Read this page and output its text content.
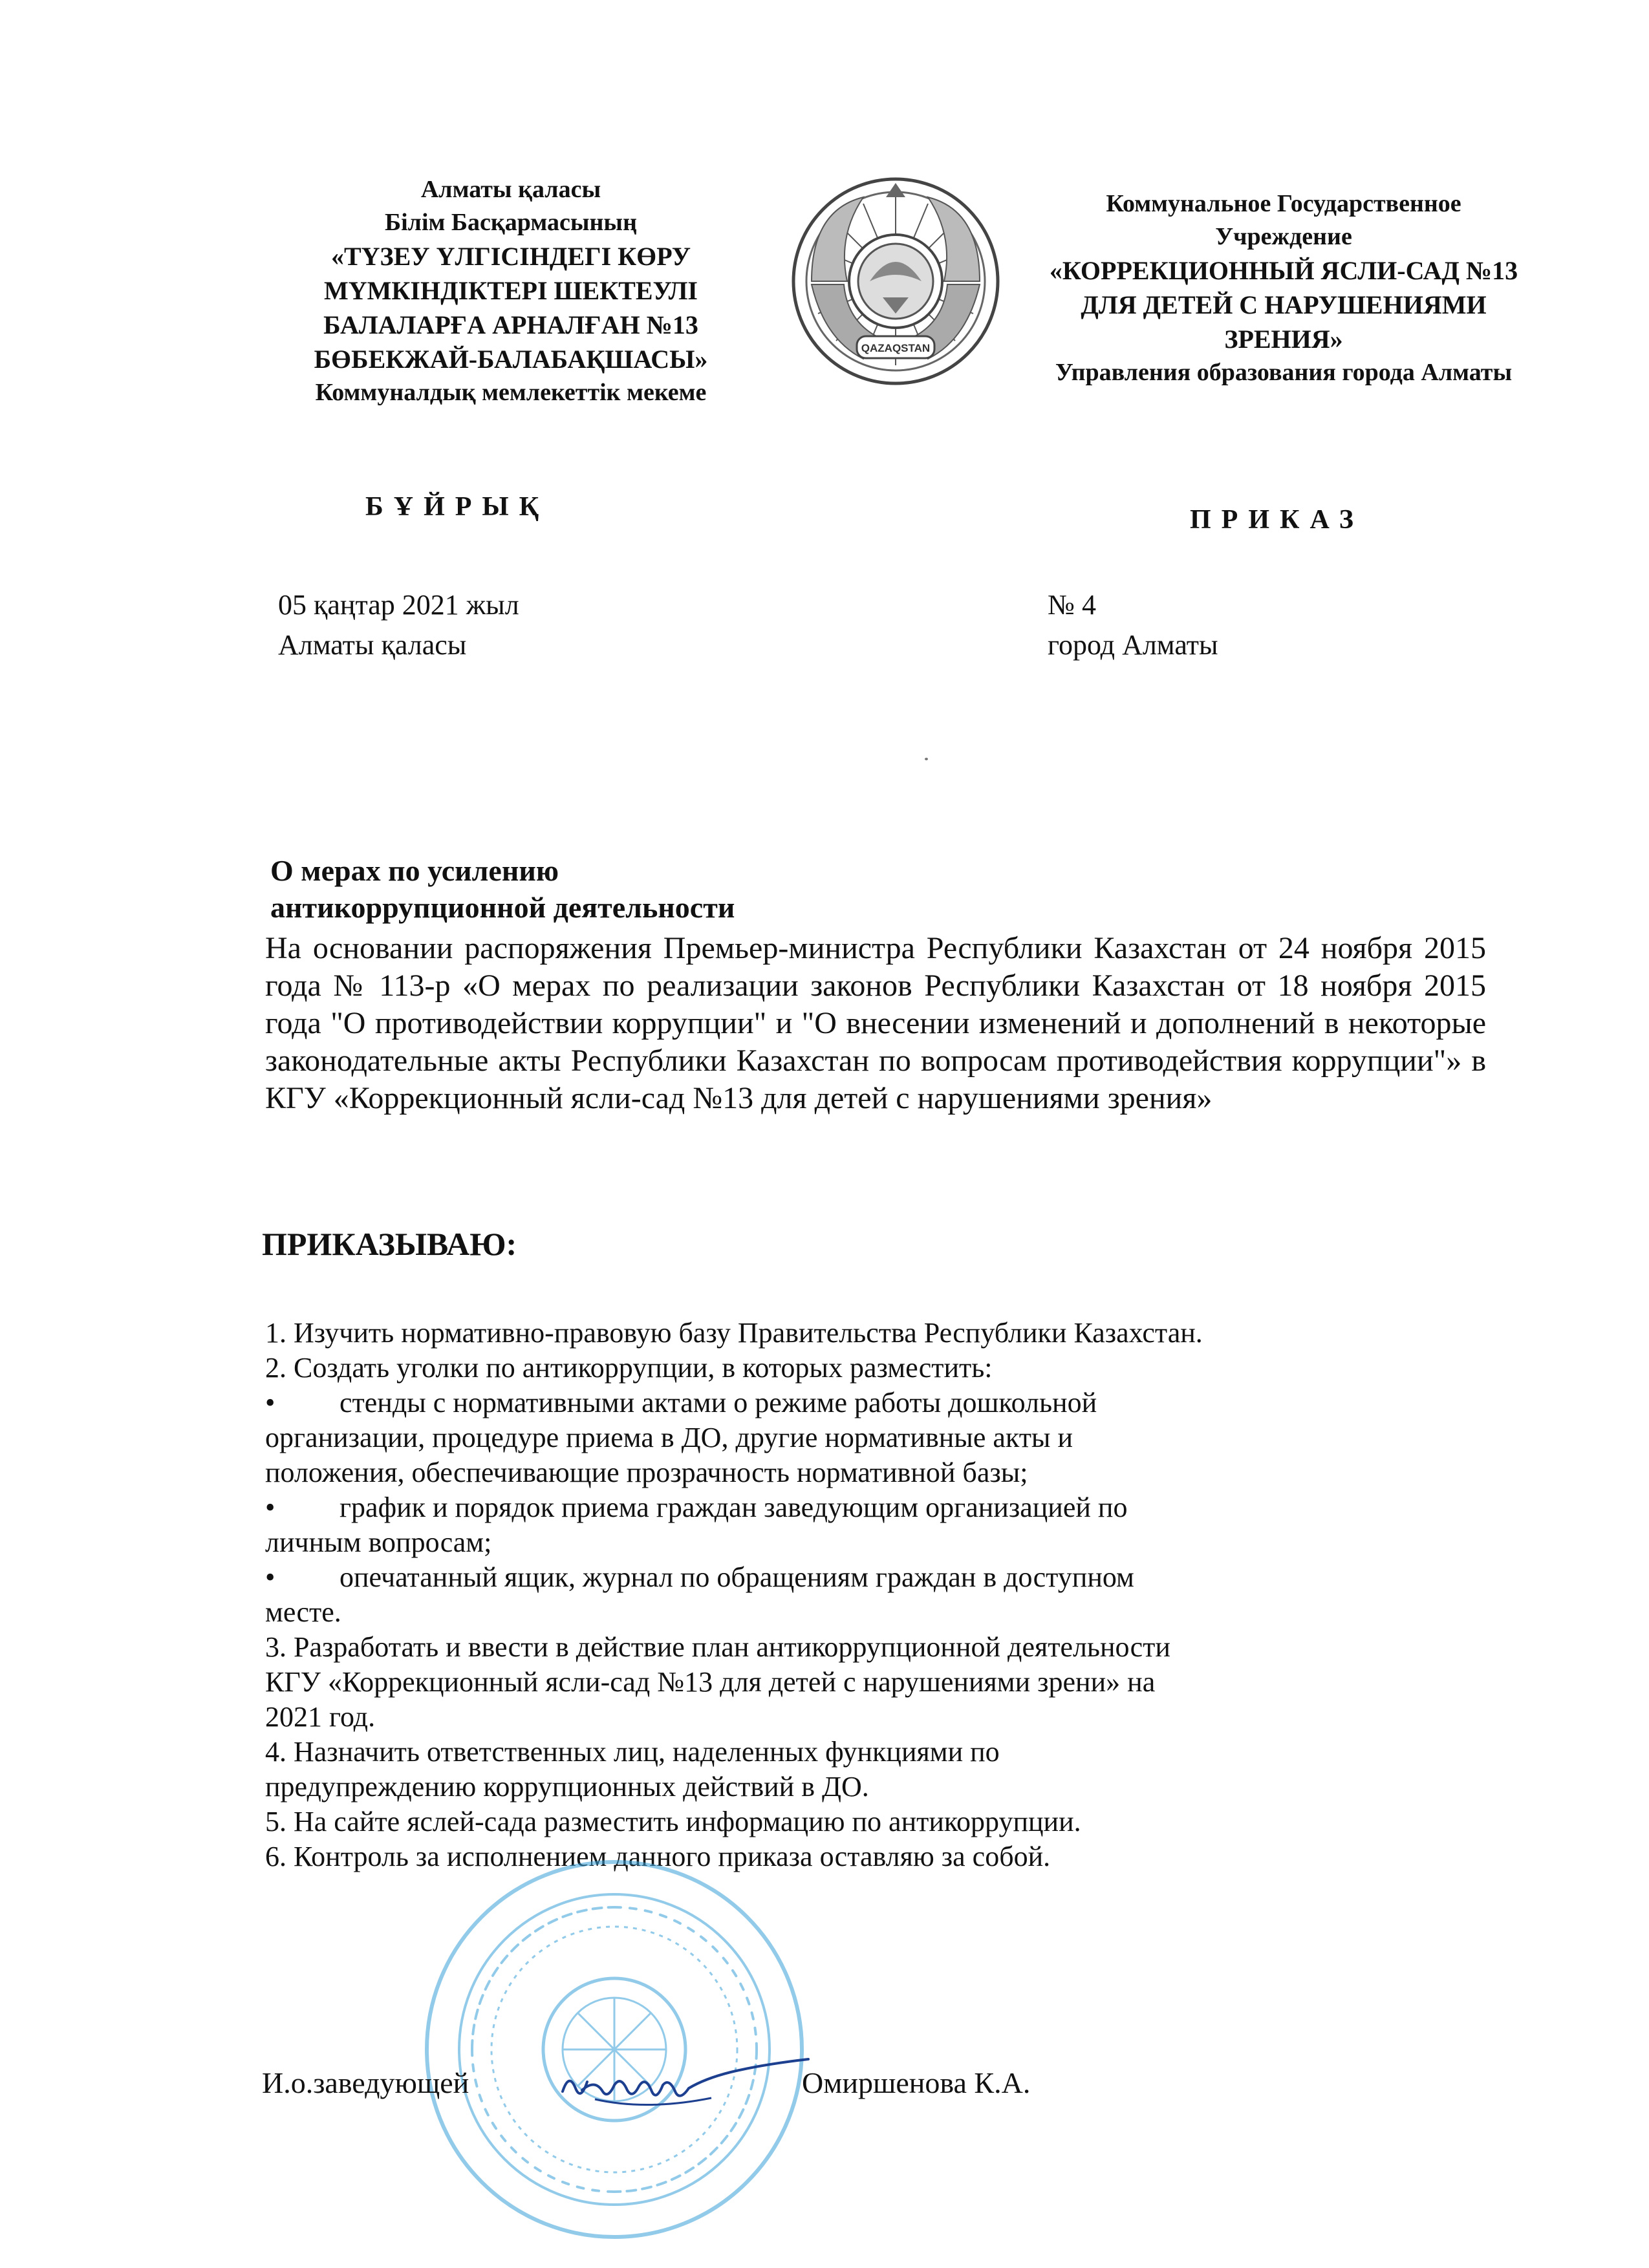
Алматы қаласы
Білім Басқармасының
«ТҮЗЕУ ҮЛГІСІНДЕГІ КӨРУ МҮМКІНДІКТЕРІ ШЕКТЕУЛІ БАЛАЛАРҒА АРНАЛҒАН №13 БӨБЕКЖАЙ-БАЛАБАҚШАСЫ»
Коммуналдық мемлекеттік мекеме
QAZAQSTAN
Коммунальное Государственное Учреждение
«КОРРЕКЦИОННЫЙ ЯСЛИ-САД №13 ДЛЯ ДЕТЕЙ С НАРУШЕНИЯМИ ЗРЕНИЯ»
Управления образования города Алматы
БҰЙРЫҚ	ПРИКАЗ
05 қаңтар 2021 жыл
Алматы қаласы
№ 4
город Алматы
О мерах по усилению
антикоррупционной деятельности
На основании распоряжения Премьер-министра Республики Казахстан от 24 ноября 2015 года № 113-р «О мерах по реализации законов Республики Казахстан от 18 ноября 2015 года "О противодействии коррупции" и "О внесении изменений и дополнений в некоторые законодательные акты Республики Казахстан по вопросам противодействия коррупции"» в КГУ «Коррекционный ясли-сад №13 для детей с нарушениями зрения»
ПРИКАЗЫВАЮ:
1. Изучить нормативно-правовую базу Правительства Республики Казахстан.
2. Создать уголки по антикоррупции, в которых разместить:
• стенды с нормативными актами о режиме работы дошкольной
организации, процедуре приема в ДО, другие нормативные акты и
положения, обеспечивающие прозрачность нормативной базы;
• график и порядок приема граждан заведующим организацией по
личным вопросам;
• опечатанный ящик, журнал по обращениям граждан в доступном
месте.
3. Разработать и ввести в действие план антикоррупционной деятельности
КГУ «Коррекционный ясли-сад №13 для детей с нарушениями зрени» на
2021 год.
4. Назначить ответственных лиц, наделенных функциями по
предупреждению коррупционных действий в ДО.
5. На сайте яслей-сада разместить информацию по антикоррупции.
6. Контроль за исполнением данного приказа оставляю за собой.
И.о.заведующей	Омиршенова К.А.
